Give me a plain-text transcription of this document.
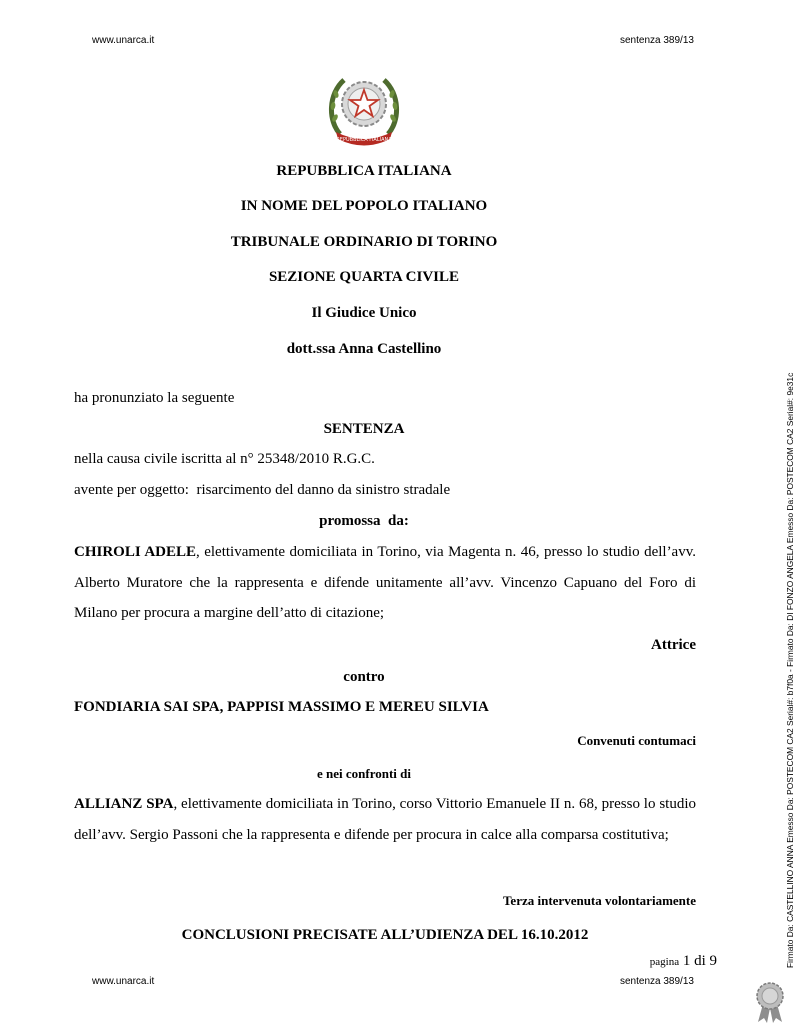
www.unarca.it	sentenza 389/13
REPUBBLICA ITALIANA
REPUBBLICA ITALIANA
IN NOME DEL POPOLO ITALIANO
TRIBUNALE ORDINARIO DI TORINO
SEZIONE QUARTA CIVILE
Il Giudice Unico
dott.ssa Anna Castellino
ha pronunziato la seguente
SENTENZA
nella causa civile iscritta al n° 25348/2010 R.G.C.
avente per oggetto:  risarcimento del danno da sinistro stradale
promossa  da:
CHIROLI ADELE, elettivamente domiciliata in Torino, via Magenta n. 46, presso lo studio dell’avv. Alberto Muratore che la rappresenta e difende unitamente all’avv. Vincenzo Capuano del Foro di Milano per procura a margine dell’atto di citazione;
Attrice
contro
FONDIARIA SAI SPA, PAPPISI MASSIMO E MEREU SILVIA
Convenuti contumaci
e nei confronti di
ALLIANZ SPA, elettivamente domiciliata in Torino, corso Vittorio Emanuele II n. 68, presso lo studio dell’avv. Sergio Passoni che la rappresenta e difende per procura in calce alla comparsa costitutiva;
Terza intervenuta volontariamente
CONCLUSIONI PRECISATE ALL’UDIENZA DEL 16.10.2012
pagina 1 di 9
www.unarca.it	sentenza 389/13
Firmato Da: CASTELLINO ANNA Emesso Da: POSTECOM CA2 Serial#: b7f0a - Firmato Da: DI FONZO ANGELA Emesso Da: POSTECOM CA2 Serial#: 9e31c
